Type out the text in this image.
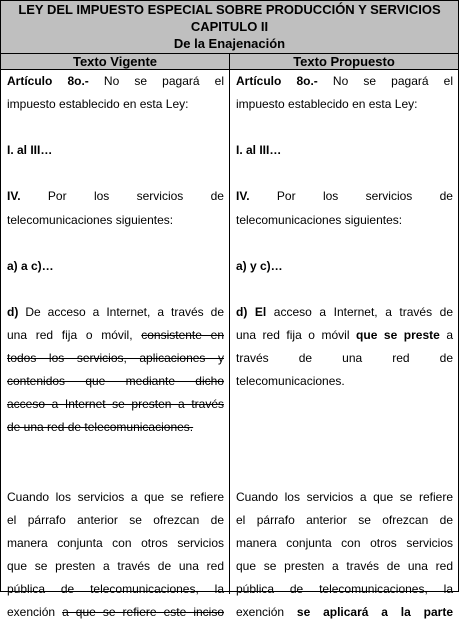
LEY DEL IMPUESTO ESPECIAL SOBRE PRODUCCIÓN Y SERVICIOS
CAPITULO II
De la Enajenación
Texto Vigente	Texto Propuesto

Artículo 8o.- No se pagará el

impuesto establecido en esta Ley:

I. al III…

IV. Por los servicios de

telecomunicaciones siguientes:

a) a c)…

d) De acceso a Internet, a través de

una red fija o móvil, consistente en

todos los servicios, aplicaciones y

contenidos que mediante dicho

acceso a Internet se presten a través

de una red de telecomunicaciones.

Cuando los servicios a que se refiere

el párrafo anterior se ofrezcan de

manera conjunta con otros servicios

que se presten a través de una red

pública de telecomunicaciones, la

exención a que se refiere este inciso

Artículo 8o.- No se pagará el

impuesto establecido en esta Ley:

I. al III…

IV. Por los servicios de

telecomunicaciones siguientes:

a) y c)…

d) El acceso a Internet, a través de

una red fija o móvil que se preste a

través de una red de

telecomunicaciones.

Cuando los servicios a que se refiere

el párrafo anterior se ofrezcan de

manera conjunta con otros servicios

que se presten a través de una red

pública de telecomunicaciones, la

exención se aplicará a la parte
